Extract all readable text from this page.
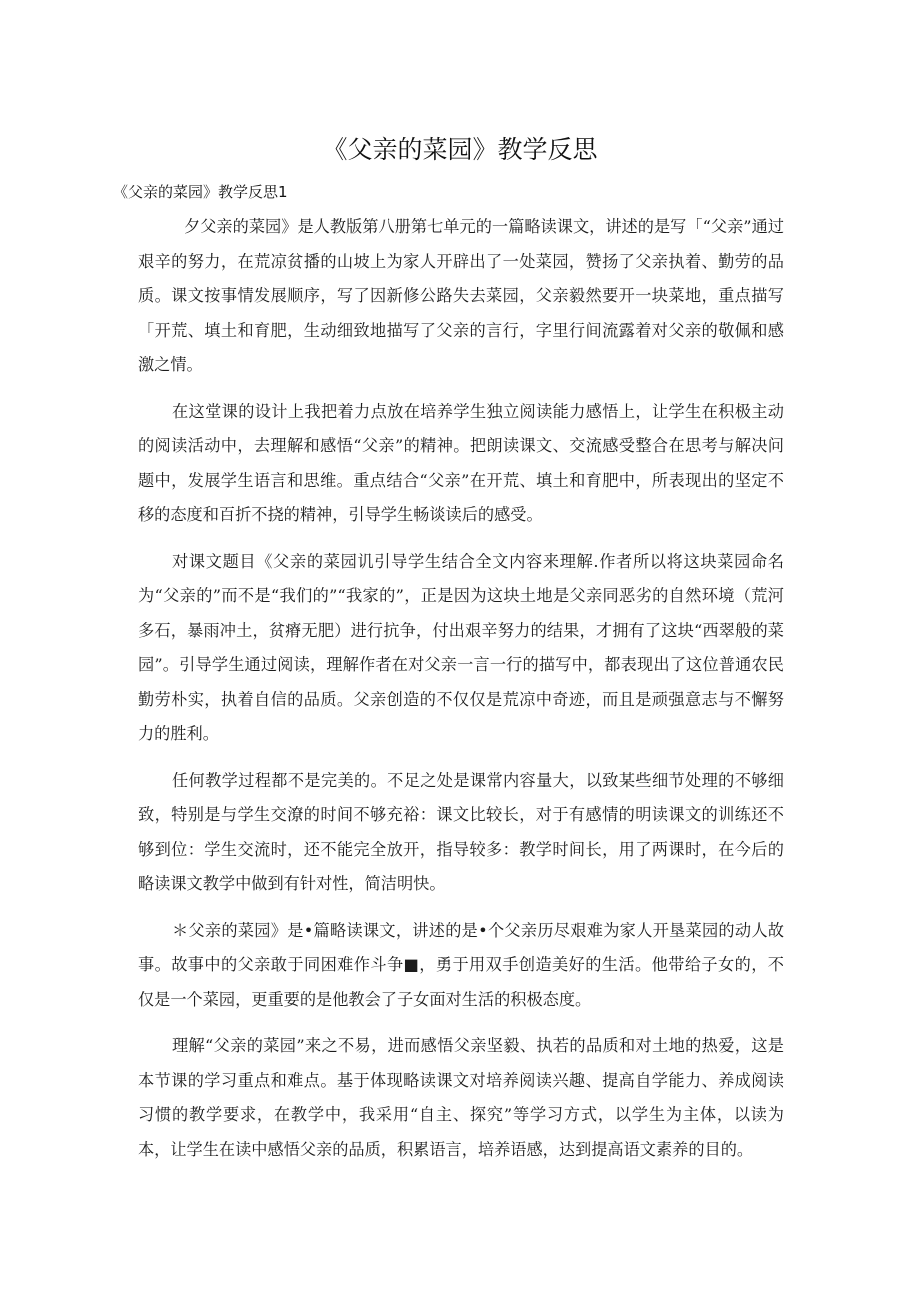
《父亲的菜园》教学反思
《父亲的菜园》教学反思1

夕父亲的菜园》是人教版第八册第七单元的一篇略读课文，讲述的是写「“父亲”通过艰辛的努力，在荒凉贫播的山坡上为家人开辟出了一处菜园，赞扬了父亲执着、勤劳的品质。课文按事情发展顺序，写了因新修公路失去菜园，父亲毅然要开一块菜地，重点描写「开荒、填土和育肥，生动细致地描写了父亲的言行，字里行间流露着对父亲的敬佩和感激之情。

在这堂课的设计上我把着力点放在培养学生独立阅读能力感悟上，让学生在积极主动的阅读活动中，去理解和感悟“父亲”的精神。把朗读课文、交流感受整合在思考与解决问题中，发展学生语言和思维。重点结合“父亲”在开荒、填土和育肥中，所表现出的坚定不移的态度和百折不挠的精神，引导学生畅谈读后的感受。

对课文题目《父亲的菜园讥引导学生结合全文内容来理解.作者所以将这块菜园命名为“父亲的”而不是“我们的”“我家的”，正是因为这块土地是父亲同恶劣的自然环境（荒河多石，暴雨冲土，贫瘠无肥）进行抗争，付出艰辛努力的结果，才拥有了这块“西翠般的菜园”。引导学生通过阅读，理解作者在对父亲一言一行的描写中，都表现出了这位普通农民勤劳朴实，执着自信的品质。父亲创造的不仅仅是荒凉中奇迹，而且是顽强意志与不懈努力的胜利。

任何教学过程都不是完美的。不足之处是课常内容量大，以致某些细节处理的不够细致，特别是与学生交潦的时间不够充裕：课文比较长，对于有感情的明读课文的训练还不够到位：学生交流时，还不能完全放开，指导较多：教学时间长，用了两课时，在今后的略读课文教学中做到有针对性，简洁明快。

＊父亲的菜园》是•篇略读课文，讲述的是•个父亲历尽艰难为家人开垦菜园的动人故事。故事中的父亲敢于同困难作斗争■，勇于用双手创造美好的生活。他带给子女的，不仅是一个菜园，更重要的是他教会了子女面对生活的积极态度。

理解“父亲的菜园”来之不易，进而感悟父亲坚毅、执若的品质和对土地的热爱，这是本节课的学习重点和难点。基于体现略读课文对培养阅读兴趣、提高自学能力、养成阅读习惯的教学要求，在教学中，我采用“自主、探究”等学习方式，以学生为主体，以读为本，让学生在读中感悟父亲的品质，积累语言，培养语感，达到提高语文素养的目的。
